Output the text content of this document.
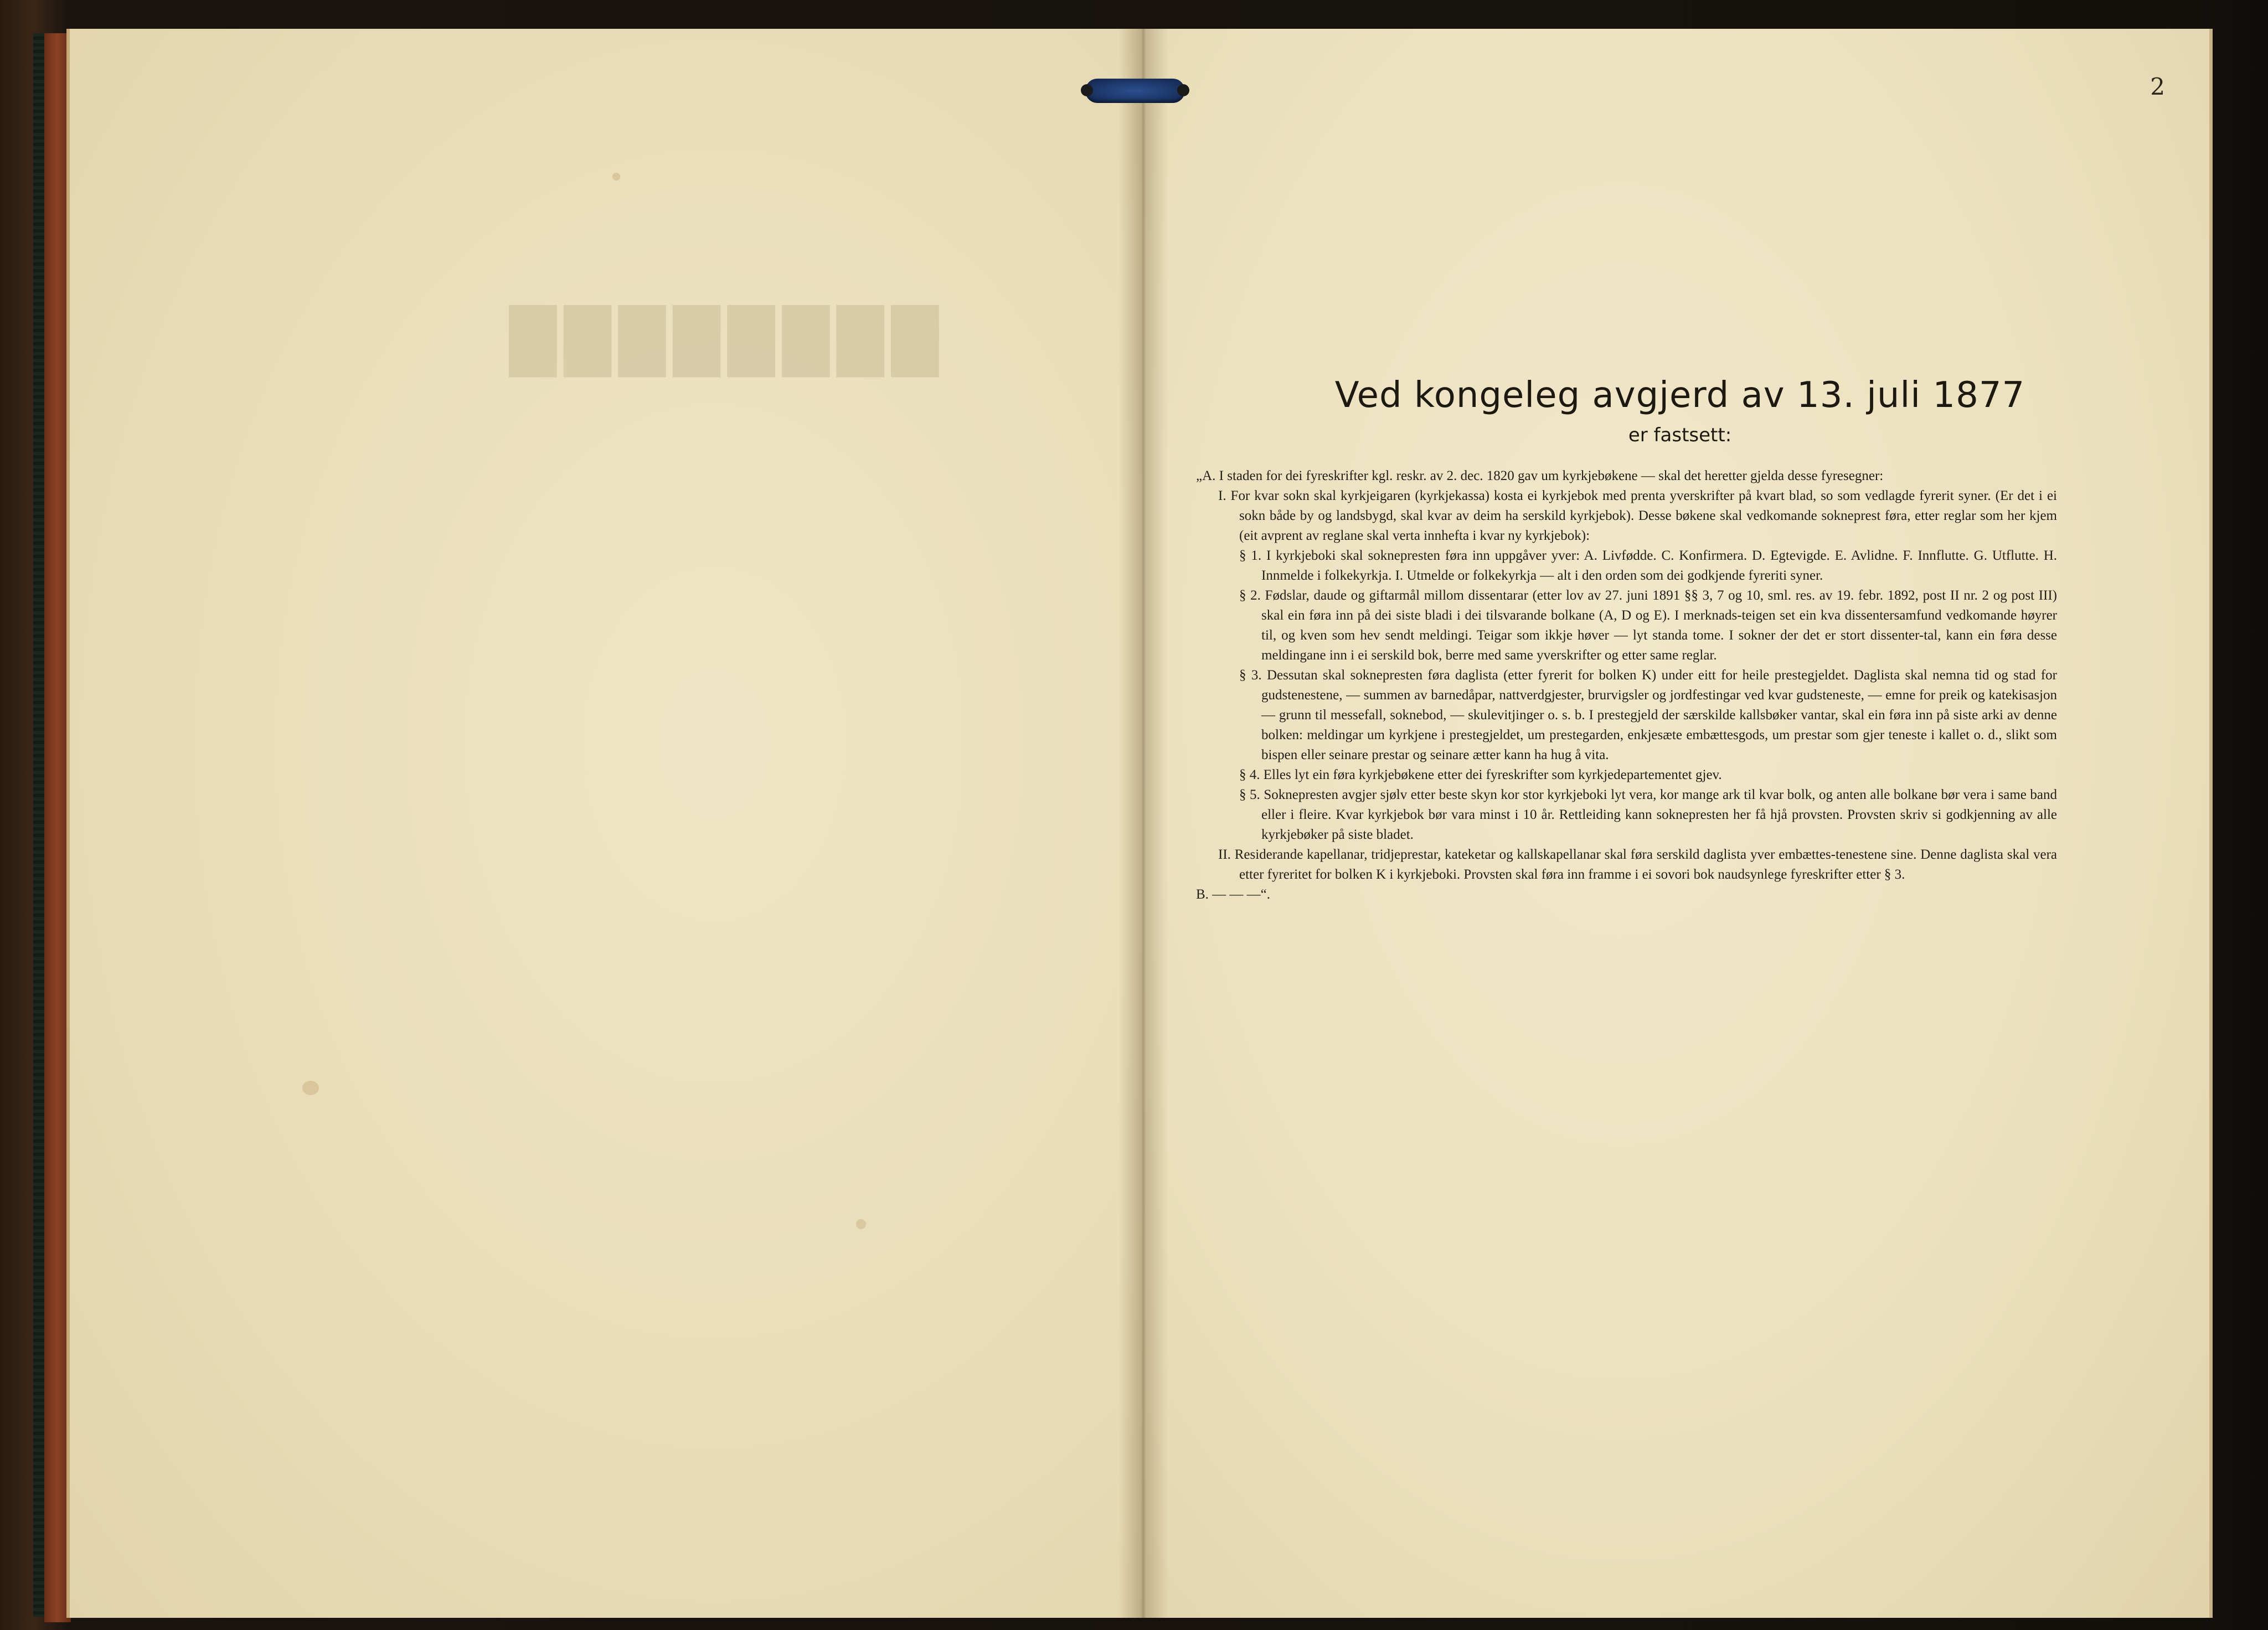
████████
2
Ved kongeleg avgjerd av 13. juli 1877
er fastsett:

„A. I staden for dei fyreskrifter kgl. reskr. av 2. dec. 1820 gav um kyrkjebøkene — skal det heretter gjelda desse fyresegner:

I. For kvar sokn skal kyrkjeigaren (kyrkjekassa) kosta ei kyrkjebok med prenta yverskrifter på kvart blad, so som vedlagde fyrerit syner. (Er det i ei sokn både by og landsbygd, skal kvar av deim ha serskild kyrkjebok). Desse bøkene skal vedkomande sokneprest føra, etter reglar som her kjem (eit avprent av reglane skal verta innhefta i kvar ny kyrkjebok):

§ 1. I kyrkjeboki skal soknepresten føra inn uppgåver yver: A. Livfødde. C. Konfirmera. D. Egtevigde. E. Avlidne. F. Innflutte. G. Utflutte. H. Innmelde i folkekyrkja. I. Utmelde or folkekyrkja — alt i den orden som dei godkjende fyreriti syner.

§ 2. Fødslar, daude og giftarmål millom dissentarar (etter lov av 27. juni 1891 §§ 3, 7 og 10, sml. res. av 19. febr. 1892, post II nr. 2 og post III) skal ein føra inn på dei siste bladi i dei tilsvarande bolkane (A, D og E). I merknads-teigen set ein kva dissentersamfund vedkomande høyrer til, og kven som hev sendt meldingi. Teigar som ikkje høver — lyt standa tome. I sokner der det er stort dissenter-tal, kann ein føra desse meldingane inn i ei serskild bok, berre med same yverskrifter og etter same reglar.

§ 3. Dessutan skal soknepresten føra daglista (etter fyrerit for bolken K) under eitt for heile prestegjeldet. Daglista skal nemna tid og stad for gudstenestene, — summen av barnedåpar, nattverdgjester, brurvigsler og jordfestingar ved kvar gudsteneste, — emne for preik og katekisasjon — grunn til messefall, soknebod, — skulevitjinger o. s. b. I prestegjeld der særskilde kallsbøker vantar, skal ein føra inn på siste arki av denne bolken: meldingar um kyrkjene i prestegjeldet, um prestegarden, enkjesæte embættesgods, um prestar som gjer teneste i kallet o. d., slikt som bispen eller seinare prestar og seinare ætter kann ha hug å vita.

§ 4. Elles lyt ein føra kyrkjebøkene etter dei fyreskrifter som kyrkjedepartementet gjev.

§ 5. Soknepresten avgjer sjølv etter beste skyn kor stor kyrkjeboki lyt vera, kor mange ark til kvar bolk, og anten alle bolkane bør vera i same band eller i fleire. Kvar kyrkjebok bør vara minst i 10 år. Rettleiding kann soknepresten her få hjå provsten. Provsten skriv si godkjenning av alle kyrkjebøker på siste bladet.

II. Residerande kapellanar, tridjeprestar, kateketar og kallskapellanar skal føra serskild daglista yver embættes-tenestene sine. Denne daglista skal vera etter fyreritet for bolken K i kyrkjeboki. Provsten skal føra inn framme i ei sovori bok naudsynlege fyreskrifter etter § 3.

B. — — —“.
